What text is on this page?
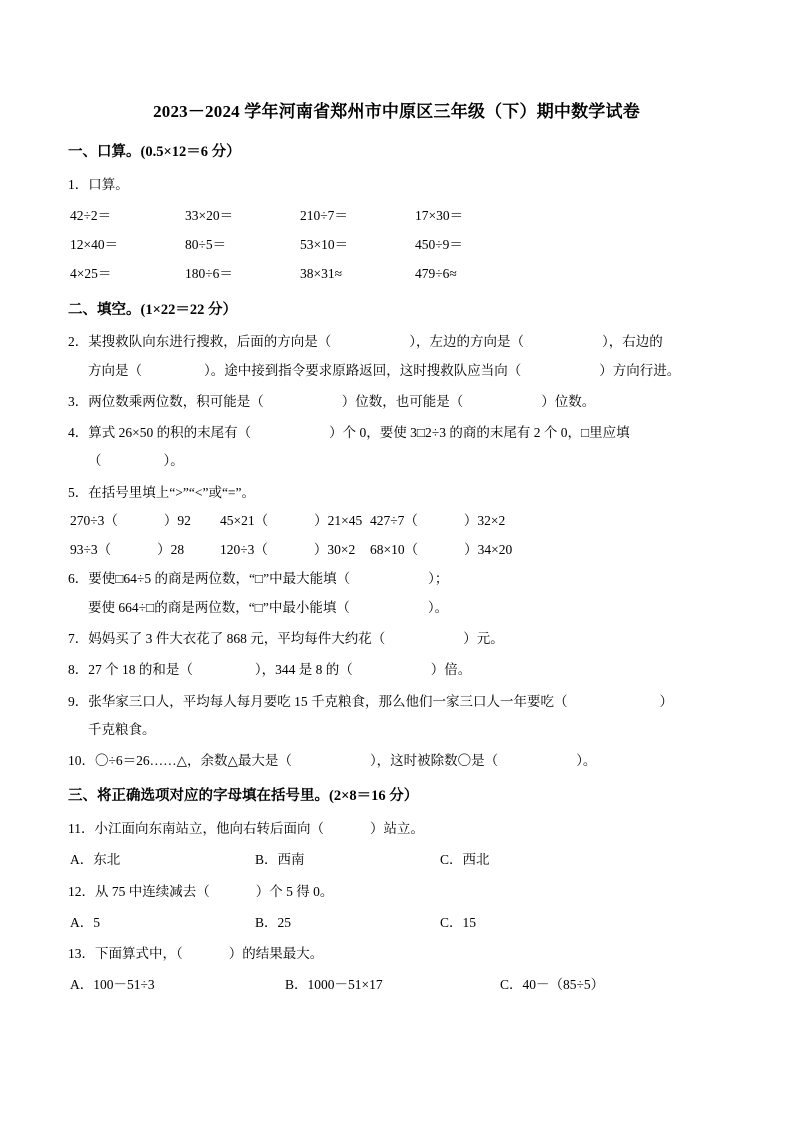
2023－2024 学年河南省郑州市中原区三年级（下）期中数学试卷
一、口算。(0.5×12＝6 分）
1．口算。
42÷2＝	33×20＝	210÷7＝	17×30＝
12×40＝	80÷5＝	53×10＝	450÷9＝
4×25＝	180÷6＝	38×31≈	479÷6≈
二、填空。(1×22＝22 分）
2．某搜救队向东进行搜救，后面的方向是（	），左边的方向是（	），右边的
方向是（	）。途中接到指令要求原路返回，这时搜救队应当向（	）方向行进。
3．两位数乘两位数，积可能是（	）位数，也可能是（	）位数。
4．算式 26×50 的积的末尾有（	）个 0，要使 3□2÷3 的商的末尾有 2 个 0，□里应填
（	）。
5．在括号里填上“>”“<”或“=”。
270÷3（	）92	45×21（	）21×45 427÷7（	）32×2
93÷3（	）28	120÷3（	）30×2	68×10（	）34×20
6．要使□64÷5 的商是两位数，“□”中最大能填（	）；
要使 664÷□的商是两位数，“□”中最小能填（	）。
7．妈妈买了 3 件大衣花了 868 元，平均每件大约花（	）元。
8．27 个 18 的和是（	），344 是 8 的（	）倍。
9．张华家三口人，平均每人每月要吃 15 千克粮食，那么他们一家三口人一年要吃（	）
千克粮食。
10．〇÷6＝26……△，余数△最大是（	），这时被除数〇是（	）。
三、将正确选项对应的字母填在括号里。(2×8＝16 分）
11．小江面向东南站立，他向右转后面向（	）站立。
A．东北	B．西南	C．西北
12．从 75 中连续减去（	）个 5 得 0。
A．5	B．25	C．15
13．下面算式中，（	）的结果最大。
A．100－51÷3	B．1000－51×17	C．40－（85÷5）
